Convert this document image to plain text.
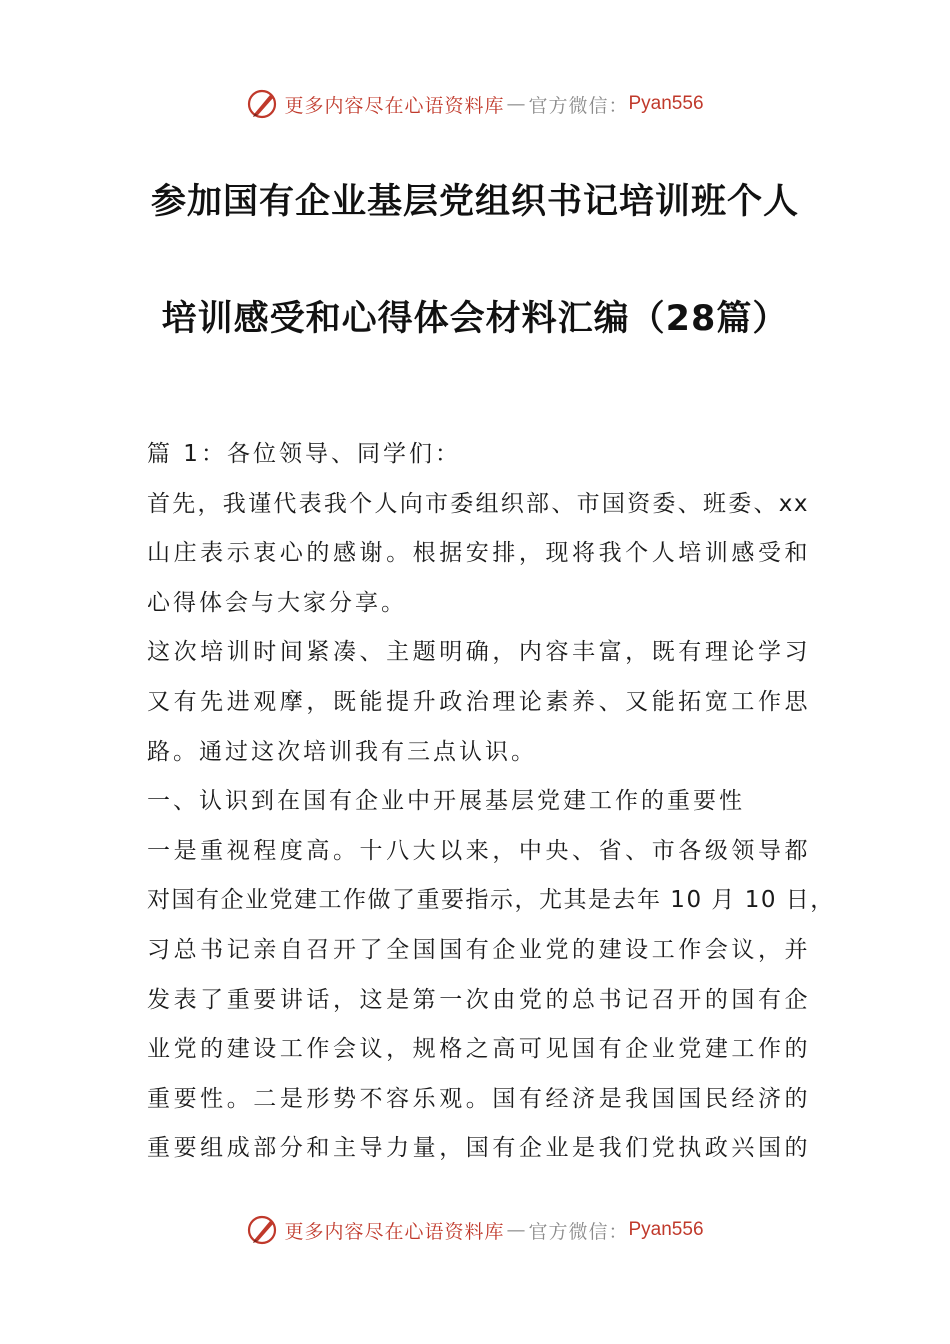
更多内容尽在心语资料库 — 官方微信： Pyan556
参加国有企业基层党组织书记培训班个人
培训感受和心得体会材料汇编（28篇）
篇 1：各位领导、同学们：
首先，我谨代表我个人向市委组织部、市国资委、班委、xx
山庄表示衷心的感谢。根据安排，现将我个人培训感受和
心得体会与大家分享。
这次培训时间紧凑、主题明确，内容丰富，既有理论学习
又有先进观摩，既能提升政治理论素养、又能拓宽工作思
路。通过这次培训我有三点认识。
一、认识到在国有企业中开展基层党建工作的重要性
一是重视程度高。十八大以来，中央、省、市各级领导都
对国有企业党建工作做了重要指示，尤其是去年 10 月 10 日，
习总书记亲自召开了全国国有企业党的建设工作会议，并
发表了重要讲话，这是第一次由党的总书记召开的国有企
业党的建设工作会议，规格之高可见国有企业党建工作的
重要性。二是形势不容乐观。国有经济是我国国民经济的
重要组成部分和主导力量，国有企业是我们党执政兴国的
更多内容尽在心语资料库 — 官方微信： Pyan556
